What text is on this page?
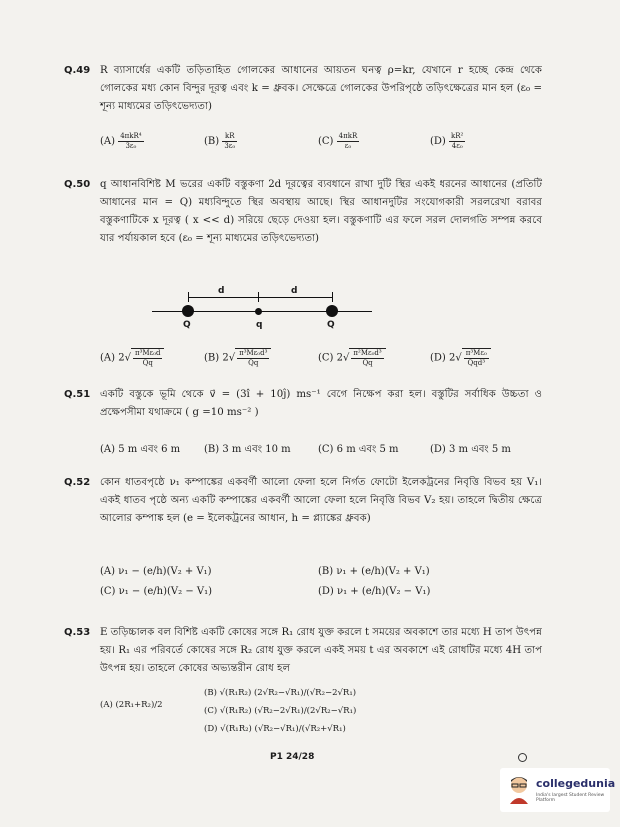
Q.49 R ব্যাসার্ধের একটি তড়িতাহিত গোলকের আধানের আয়তন ঘনত্ব ρ=kr, যেখানে r হচ্ছে কেন্দ্র থেকে গোলকের মধ্য কোন বিন্দুর দূরত্ব এবং k = ধ্রুবক। সেক্ষেত্রে গোলকের উপরিপৃষ্ঠে তড়িৎক্ষেত্রের মান হল (ε₀ = শূন্য মাধ্যমের তড়িৎভেদ্যতা)
$(A) \frac{\text{4πkR⁴}}{\text{3ε₀}}$	$(B) \frac{kR}{\text{3ε₀}}$	$(C) \frac{\text{4πkR}}{\text{ε₀}}$	$(D) \frac{\text{kR²}}{\text{4ε₀}}$
Q.50 q আধানবিশিষ্ট M ভরের একটি বস্তুকণা 2d দূরত্বের ব্যবধানে রাখা দুটি স্থির একই ধরনের আধানের (প্রতিটি আধানের মান = Q) মধ্যবিন্দুতে স্থির অবস্থায় আছে। স্থির আধানদুটির সংযোগকারী সরলরেখা বরাবর বস্তুকণাটিকে x দূরত্ব ( x << d) সরিয়ে ছেড়ে দেওয়া হল। বস্তুকণাটি এর ফলে সরল দোলগতি সম্পন্ন করবে যার পর্যায়কাল হবে (ε₀ = শূন্য মাধ্যমের তড়িৎভেদ্যতা)
d	d
Q	q	Q
(A) $2√ \frac{\text{π³Mε₀d}}{Qq}$	(B) $2√ \frac{\text{π³Mε₀d³}}{Qq}$	(C) $2√ \frac{\text{π²Mε₀d³}}{Qq}$	(D) $2√ \frac{\text{π³Mε₀}}{\text{Qqd³}}$
Q.51 একটি বস্তুকে ভূমি থেকে v⃗ = (3î + 10ĵ) ms⁻¹ বেগে নিক্ষেপ করা হল। বস্তুটির সর্বাধিক উচ্চতা ও প্রক্ষেপসীমা যথাক্রমে ( g =10 ms⁻² )
(A) 5 m এবং 6 m (B) 3 m এবং 10 m	(C) 6 m এবং 5 m	(D) 3 m এবং 5 m
Q.52 কোন ধাতবপৃষ্ঠে ν₁ কম্পাঙ্কের একবর্ণী আলো ফেলা হলে নির্গত ফোটো ইলেকট্রনের নিবৃত্তি বিভব হয় V₁। একই ধাতব পৃষ্ঠে অন্য একটি কম্পাঙ্কের একবর্ণী আলো ফেলা হলে নিবৃত্তি বিভব V₂ হয়। তাহলে দ্বিতীয় ক্ষেত্রে আলোর কম্পাঙ্ক হল (e = ইলেকট্রনের আধান, h = প্ল্যাঙ্কের ধ্রুবক)
(A) ν₁ − (e/h)(V₂ + V₁)	(B) ν₁ + (e/h)(V₂ + V₁)
(C) ν₁ − (e/h)(V₂ − V₁)	(D) ν₁ + (e/h)(V₂ − V₁)
Q.53 E তড়িচ্চালক বল বিশিষ্ট একটি কোষের সঙ্গে R₁ রোধ যুক্ত করলে t সময়ের অবকাশে তার মধ্যে H তাপ উৎপন্ন হয়। R₁ এর পরিবর্তে কোষের সঙ্গে R₂ রোধ যুক্ত করলে একই সময় t এর অবকাশে এই রোধটির মধ্যে 4H তাপ উৎপন্ন হয়। তাহলে কোষের অভ্যন্তরীন রোধ হল
(A) (2R₁+R₂)/2
(B) √(R₁R₂) (2√R₂−√R₁)/(√R₂−2√R₁)
(C) √(R₁R₂) (√R₂−2√R₁)/(2√R₂−√R₁)
(D) √(R₁R₂) (√R₂−√R₁)/(√R₂+√R₁)
P1 24/28
collegedunia
India's largest Student Review Platform
